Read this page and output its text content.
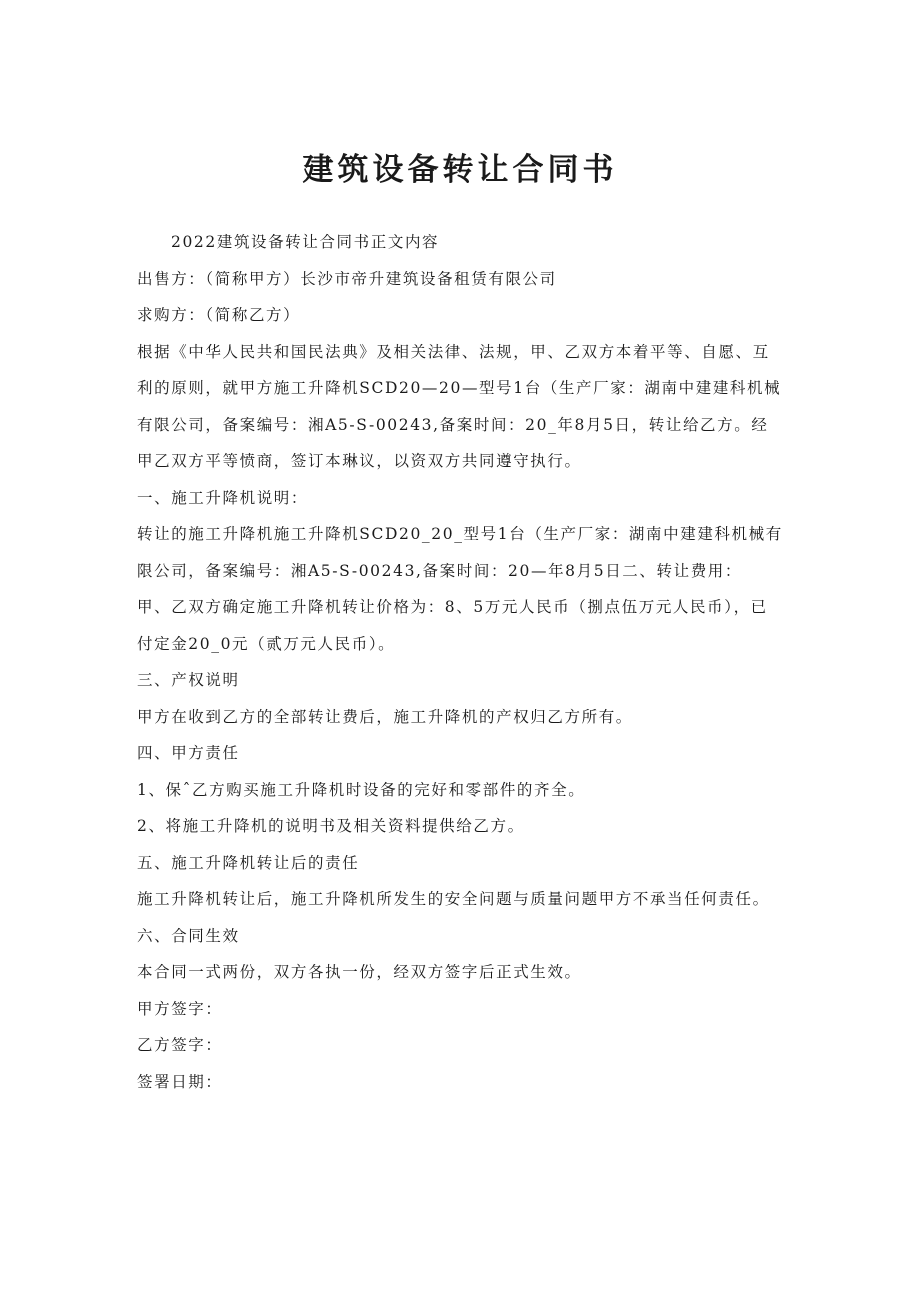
建筑设备转让合同书
2022建筑设备转让合同书正文内容
出售方：（简称甲方）长沙市帝升建筑设备租赁有限公司
求购方：（简称乙方）
根据《中华人民共和国民法典》及相关法律、法规，甲、乙双方本着平等、自愿、互
利的原则，就甲方施工升降机SCD20—20—型号1台（生产厂家：湖南中建建科机械
有限公司，备案编号：湘A5-S-00243,备案时间：20_年8月5日，转让给乙方。经
甲乙双方平等愤商，签订本琳议，以资双方共同遵守执行。
一、施工升降机说明：
转让的施工升降机施工升降机SCD20_20_型号1台（生产厂家：湖南中建建科机械有
限公司，备案编号：湘A5-S-00243,备案时间：20—年8月5日二、转让费用：
甲、乙双方确定施工升降机转让价格为：8、5万元人民币（捌点伍万元人民币），已
付定金20_0元（贰万元人民币）。
三、产权说明
甲方在收到乙方的全部转让费后，施工升降机的产权归乙方所有。
四、甲方责任
1、保ˆ乙方购买施工升降机时设备的完好和零部件的齐全。
2、将施工升降机的说明书及相关资料提供给乙方。
五、施工升降机转让后的责任
施工升降机转让后，施工升降机所发生的安全问题与质量问题甲方不承当任何责任。
六、合同生效
本合同一式两份，双方各执一份，经双方签字后正式生效。
甲方签字：
乙方签字：
签署日期：
